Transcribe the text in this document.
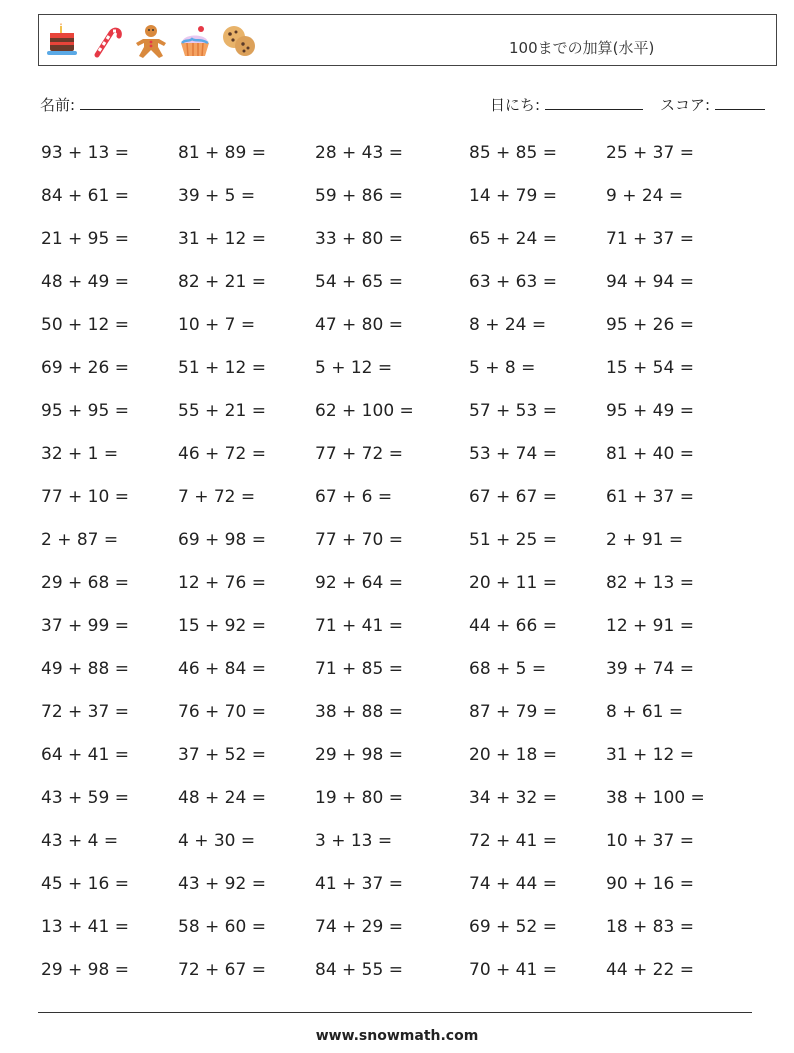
100までの加算(水平)
名前:	日にち:	スコア:
93 + 13 =	81 + 89 =	28 + 43 =	85 + 85 =	25 + 37 =
84 + 61 =	39 + 5 =	59 + 86 =	14 + 79 =	9 + 24 =
21 + 95 =	31 + 12 =	33 + 80 =	65 + 24 =	71 + 37 =
48 + 49 =	82 + 21 =	54 + 65 =	63 + 63 =	94 + 94 =
50 + 12 =	10 + 7 =	47 + 80 =	8 + 24 =	95 + 26 =
69 + 26 =	51 + 12 =	5 + 12 =	5 + 8 =	15 + 54 =
95 + 95 =	55 + 21 =	62 + 100 =	57 + 53 =	95 + 49 =
32 + 1 =	46 + 72 =	77 + 72 =	53 + 74 =	81 + 40 =
77 + 10 =	7 + 72 =	67 + 6 =	67 + 67 =	61 + 37 =
2 + 87 =	69 + 98 =	77 + 70 =	51 + 25 =	2 + 91 =
29 + 68 =	12 + 76 =	92 + 64 =	20 + 11 =	82 + 13 =
37 + 99 =	15 + 92 =	71 + 41 =	44 + 66 =	12 + 91 =
49 + 88 =	46 + 84 =	71 + 85 =	68 + 5 =	39 + 74 =
72 + 37 =	76 + 70 =	38 + 88 =	87 + 79 =	8 + 61 =
64 + 41 =	37 + 52 =	29 + 98 =	20 + 18 =	31 + 12 =
43 + 59 =	48 + 24 =	19 + 80 =	34 + 32 =	38 + 100 =
43 + 4 =	4 + 30 =	3 + 13 =	72 + 41 =	10 + 37 =
45 + 16 =	43 + 92 =	41 + 37 =	74 + 44 =	90 + 16 =
13 + 41 =	58 + 60 =	74 + 29 =	69 + 52 =	18 + 83 =
29 + 98 =	72 + 67 =	84 + 55 =	70 + 41 =	44 + 22 =
www.snowmath.com
